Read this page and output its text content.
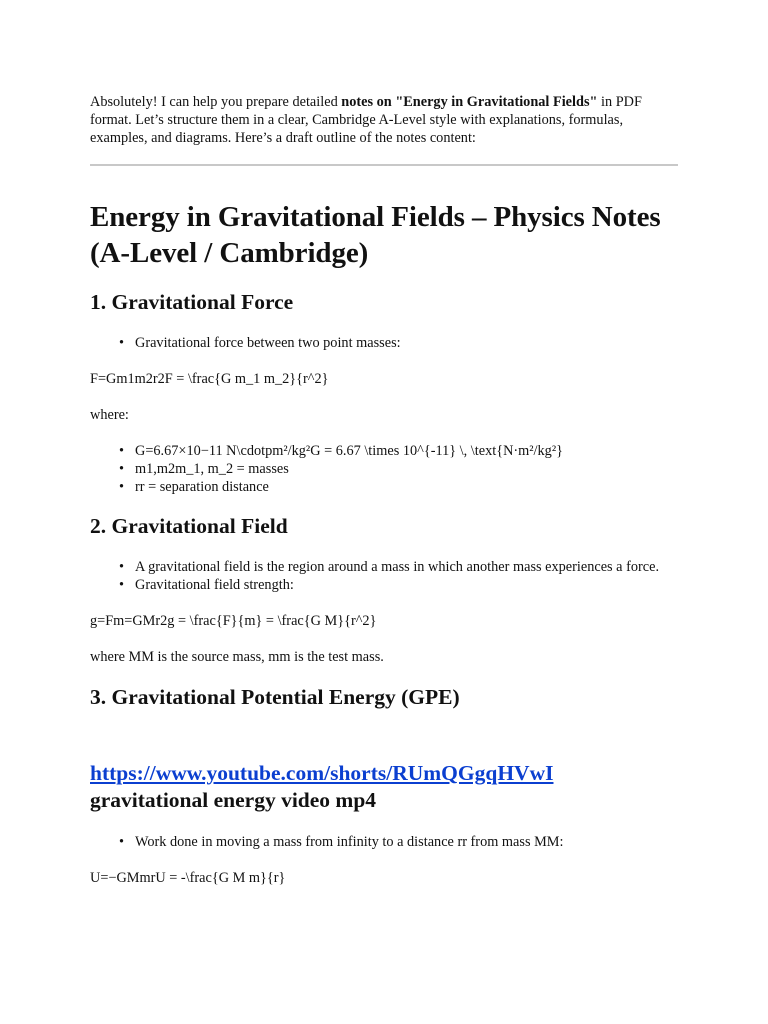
Absolutely! I can help you prepare detailed notes on "Energy in Gravitational Fields" in PDF format. Let’s structure them in a clear, Cambridge A-Level style with explanations, formulas, examples, and diagrams. Here’s a draft outline of the notes content:

Energy in Gravitational Fields – Physics Notes (A-Level / Cambridge)
1. Gravitational Force
• Gravitational force between two point masses:

F=Gm1m2r2F = \frac{G m_1 m_2}{r^2}

where:

• G=6.67×10−11 N\cdotpm²/kg²G = 6.67 \times 10^{-11} \, \text{N·m²/kg²}
• m1,m2m_1, m_2 = masses
• rr = separation distance
2. Gravitational Field
• A gravitational field is the region around a mass in which another mass experiences a force.
• Gravitational field strength:

g=Fm=GMr2g = \frac{F}{m} = \frac{G M}{r^2}

where MM is the source mass, mm is the test mass.

3. Gravitational Potential Energy (GPE)
https://www.youtube.com/shorts/RUmQGgqHVwI
gravitational energy video mp4
• Work done in moving a mass from infinity to a distance rr from mass MM:

U=−GMmrU = -\frac{G M m}{r}
